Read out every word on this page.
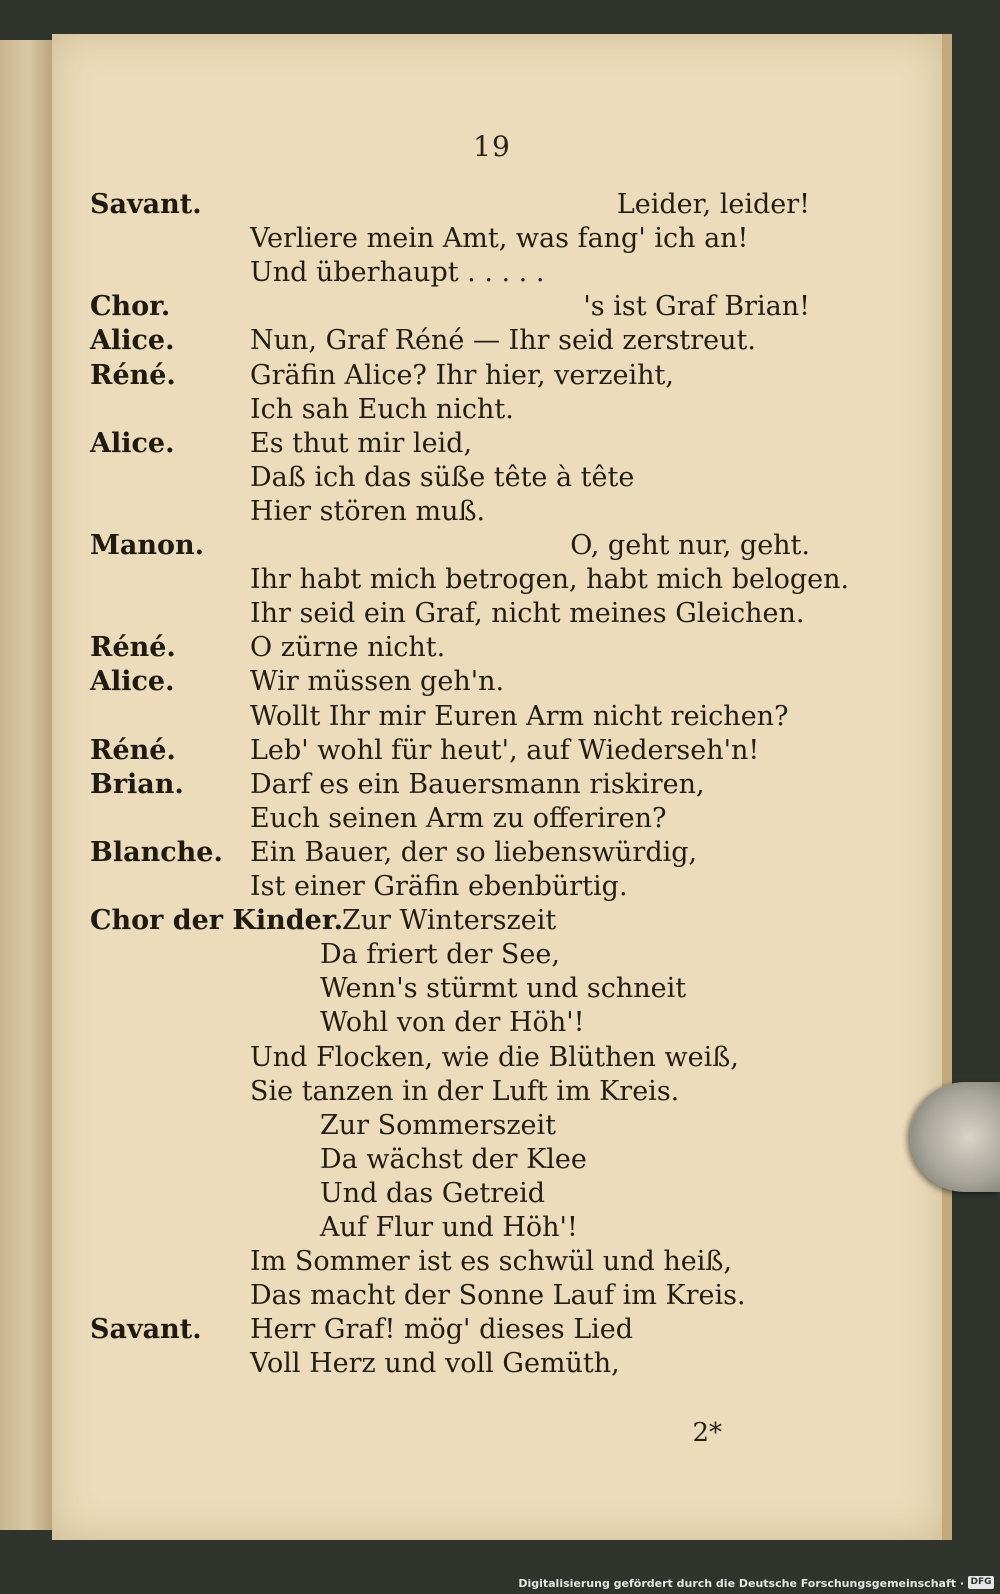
19
Savant.	Leider, leider!
Verliere mein Amt, was fang' ich an!
Und überhaupt . . . . .
Chor.	's ist Graf Brian!
Alice.	Nun, Graf Réné — Ihr seid zerstreut.
Réné.	Gräfin Alice? Ihr hier, verzeiht,
Ich sah Euch nicht.
Alice.	Es thut mir leid,
Daß ich das süße tête à tête
Hier stören muß.
Manon.	O, geht nur, geht.
Ihr habt mich betrogen, habt mich belogen.
Ihr seid ein Graf, nicht meines Gleichen.
Réné.	O zürne nicht.
Alice.	Wir müssen geh'n.
Wollt Ihr mir Euren Arm nicht reichen?
Réné.	Leb' wohl für heut', auf Wiederseh'n!
Brian. Darf es ein Bauersmann riskiren,
Euch seinen Arm zu offeriren?
Blanche. Ein Bauer, der so liebenswürdig,
Ist einer Gräfin ebenbürtig.
Chor der Kinder. Zur Winterszeit
Da friert der See,
Wenn's stürmt und schneit
Wohl von der Höh'!
Und Flocken, wie die Blüthen weiß,
Sie tanzen in der Luft im Kreis.
Zur Sommerszeit
Da wächst der Klee
Und das Getreid
Auf Flur und Höh'!
Im Sommer ist es schwül und heiß,
Das macht der Sonne Lauf im Kreis.
Savant. Herr Graf! mög' dieses Lied
Voll Herz und voll Gemüth,
2*
Digitalisierung gefördert durch die Deutsche Forschungsgemeinschaft · DFG
